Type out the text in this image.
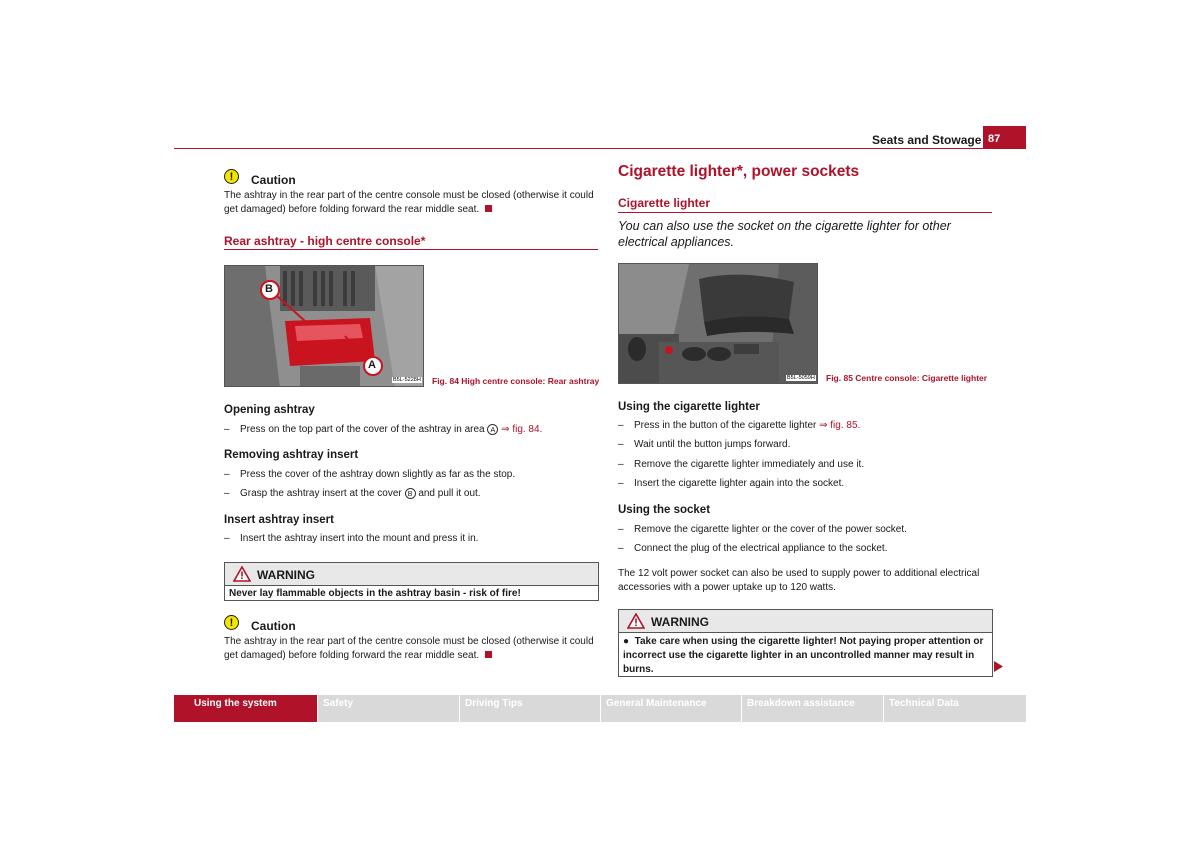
Seats and Stowage 87
!	Caution
The ashtray in the rear part of the centre console must be closed (otherwise it could get damaged) before folding forward the rear middle seat.
Rear ashtray - high centre console*
B
A
B5L-5228H Fig. 84 High centre console: Rear ashtray
Opening ashtray
– Press on the top part of the cover of the ashtray in area A ⇒ fig. 84.
Removing ashtray insert
– Press the cover of the ashtray down slightly as far as the stop.
– Grasp the ashtray insert at the cover B and pull it out.
Insert ashtray insert
– Insert the ashtray insert into the mount and press it in.
WARNING
Never lay flammable objects in the ashtray basin - risk of fire!
!	Caution
The ashtray in the rear part of the centre console must be closed (otherwise it could get damaged) before folding forward the rear middle seat.
Cigarette lighter*, power sockets
Cigarette lighter
You can also use the socket on the cigarette lighter for other electrical appliances.
B5L-5059H Fig. 85 Centre console: Cigarette lighter
Using the cigarette lighter
– Press in the button of the cigarette lighter ⇒ fig. 85.
– Wait until the button jumps forward.
– Remove the cigarette lighter immediately and use it.
– Insert the cigarette lighter again into the socket.
Using the socket
– Remove the cigarette lighter or the cover of the power socket.
– Connect the plug of the electrical appliance to the socket.
The 12 volt power socket can also be used to supply power to additional electrical accessories with a power uptake up to 120 watts.
WARNING
●  Take care when using the cigarette lighter! Not paying proper attention or incorrect use the cigarette lighter in an uncontrolled manner may result in burns.
Using the system	Safety	Driving Tips	General Maintenance	Breakdown assistance	Technical Data
